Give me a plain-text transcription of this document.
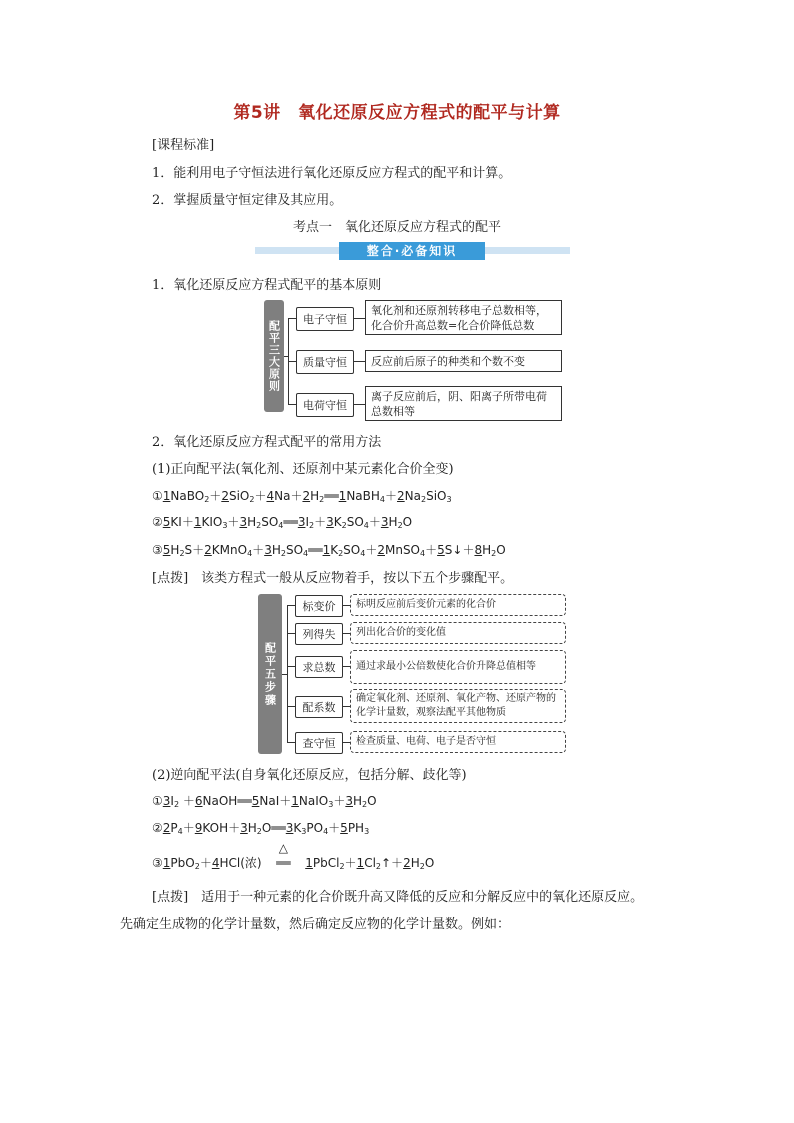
第5讲　氧化还原反应方程式的配平与计算
[课程标准]
1．能利用电子守恒法进行氧化还原反应方程式的配平和计算。
2．掌握质量守恒定律及其应用。
考点一　氧化还原反应方程式的配平
整合·必备知识
1．氧化还原反应方程式配平的基本原则
配平三大原则
电子守恒
质量守恒
电荷守恒
氧化剂和还原剂转移电子总数相等，化合价升高总数=化合价降低总数
反应前后原子的种类和个数不变
离子反应前后，阴、阳离子所带电荷总数相等
2．氧化还原反应方程式配平的常用方法
(1)正向配平法(氧化剂、还原剂中某元素化合价全变)
$①1NaBO_2+2SiO_2+4Na+2H_2══1NaBH_4+2Na_2SiO_3$
$②5KI+1KIO_3+3H_2SO_4══3I_2+3K_2SO_4+3H_2O$
$③5H_2S+2KMnO_4+3H_2SO_4══1K_2SO_4+2MnSO_4+5S↓+8H_2O$
[点拨]　该类方程式一般从反应物着手，按以下五个步骤配平。
配平五步骤
标变价
列得失
求总数
配系数
查守恒
标明反应前后变价元素的化合价
列出化合价的变化值
通过求最小公倍数使化合价升降总值相等
确定氧化剂、还原剂、氧化产物、还原产物的化学计量数，观察法配平其他物质
检查质量、电荷、电子是否守恒
(2)逆向配平法(自身氧化还原反应，包括分解、歧化等)
$①3I_2$ $+6NaOH══5NaI+1NaIO_3+3H_2O$
$②2P_4+9KOH+3H_2O══3K_3PO_4+5PH_3$
③1PbO$_2$＋4HCl(浓)
△
══ $1PbCl_2+1Cl_2↑+2H_2O$
[点拨]　适用于一种元素的化合价既升高又降低的反应和分解反应中的氧化还原反应。
先确定生成物的化学计量数，然后确定反应物的化学计量数。例如：
